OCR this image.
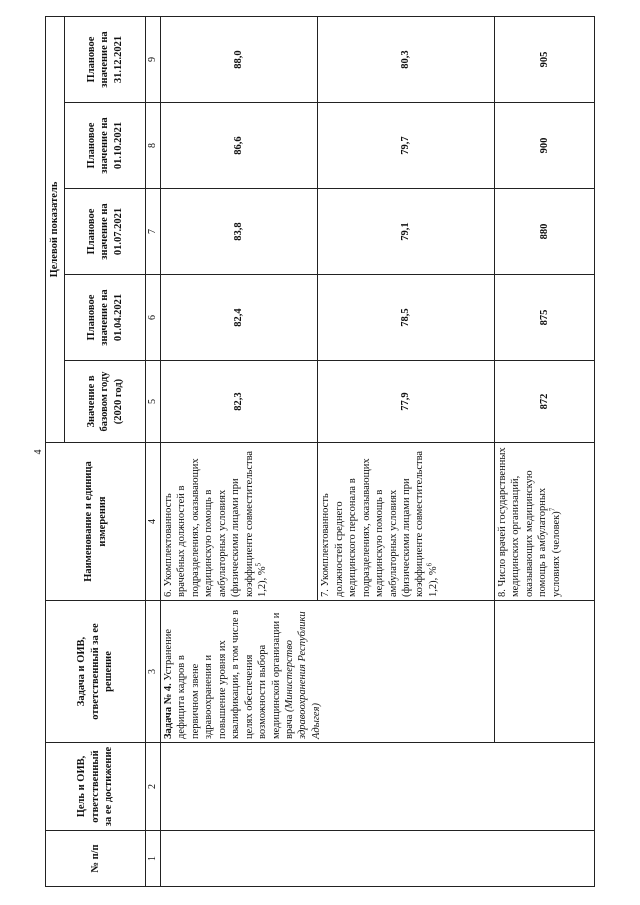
4
№ п/п	Цель и ОИВ, ответственный за ее достижение	Задача и ОИВ, ответственный за ее решение	Наименование и единица измерения	Целевой показатель				
				Значение в базовом году (2020 год)	Плановое значение на 01.04.2021	Плановое значение на 01.07.2021	Плановое значение на 01.10.2021	Плановое значение на 31.12.2021
1	2	3	4	5	6	7	8	9
		Задача № 4. Устранение дефицита кадров в первичном звене здравоохранения и повышение уровня их квалификации, в том числе в целях обеспечения возможности выбора медицинской организации и врача (Министерство здравоохранения Республики Адыгея)	6. Укомплектованность врачебных должностей в подразделениях, оказывающих медицинскую помощь в амбулаторных условиях (физическими лицами при коэффициенте совместительства 1,2), %$^5$	82,3	82,4	83,8	86,6	88,0
			7. Укомплектованность должностей среднего медицинского персонала в подразделениях, оказывающих медицинскую помощь в амбулаторных условиях (физическими лицами при коэффициенте совместительства 1,2), %$^6$	77,9	78,5	79,1	79,7	80,3
			8. Число врачей государственных медицинских организаций, оказывающих медицинскую помощь в амбулаторных условиях (человек)$^7$	872	875	880	900	905
